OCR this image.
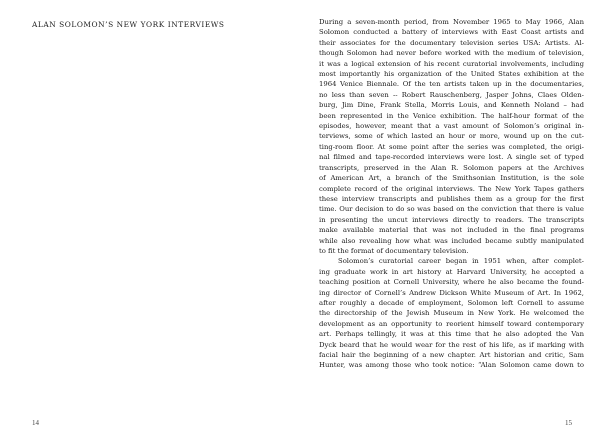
ALAN SOLOMON’S NEW YORK INTERVIEWS
14
During a seven-month period, from November 1965 to May 1966, Alan
Solomon conducted a battery of interviews with East Coast artists and
their associates for the documentary television series USA: Artists. Al-
though Solomon had never before worked with the medium of television,
it was a logical extension of his recent curatorial involvements, including
most importantly his organization of the United States exhibition at the
1964 Venice Biennale. Of the ten artists taken up in the documentaries,
no less than seven -- Robert Rauschenberg, Jasper Johns, Claes Olden-
burg, Jim Dine, Frank Stella, Morris Louis, and Kenneth Noland – had
been represented in the Venice exhibition. The half-hour format of the
episodes, however, meant that a vast amount of Solomon’s original in-
terviews, some of which lasted an hour or more, wound up on the cut-
ting-room floor. At some point after the series was completed, the origi-
nal filmed and tape-recorded interviews were lost. A single set of typed
transcripts, preserved in the Alan R. Solomon papers at the Archives
of American Art, a branch of the Smithsonian Institution, is the sole
complete record of the original interviews. The New York Tapes gathers
these interview transcripts and publishes them as a group for the first
time. Our decision to do so was based on the conviction that there is value
in presenting the uncut interviews directly to readers. The transcripts
make available material that was not included in the final programs
while also revealing how what was included became subtly manipulated
to fit the format of documentary television.
Solomon’s curatorial career began in 1951 when, after complet-
ing graduate work in art history at Harvard University, he accepted a
teaching position at Cornell University, where he also became the found-
ing director of Cornell’s Andrew Dickson White Museum of Art. In 1962,
after roughly a decade of employment, Solomon left Cornell to assume
the directorship of the Jewish Museum in New York. He welcomed the
development as an opportunity to reorient himself toward contemporary
art. Perhaps tellingly, it was at this time that he also adopted the Van
Dyck beard that he would wear for the rest of his life, as if marking with
facial hair the beginning of a new chapter. Art historian and critic, Sam
Hunter, was among those who took notice: “Alan Solomon came down to
15
